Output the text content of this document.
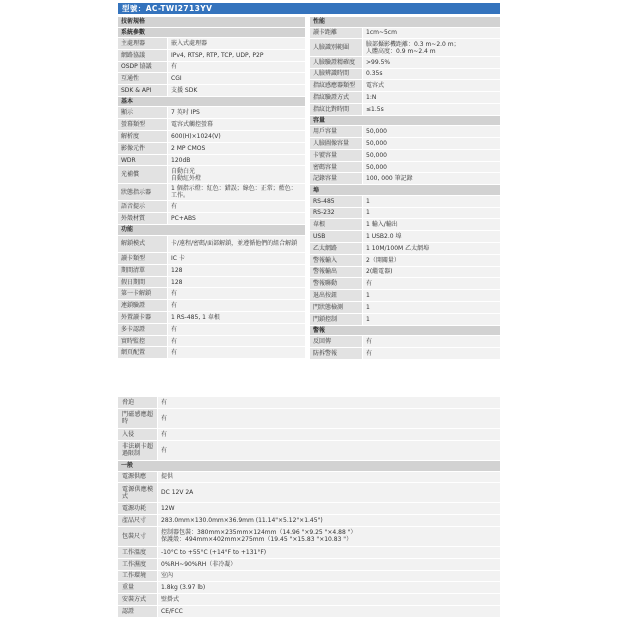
型號：AC-TWI2713YV
技術規格
系統參數
主處理器	嵌入式處理器
網路協議	IPv4, RTSP, RTP, TCP, UDP, P2P
OSDP 協議	有
互通性	CGI
SDK & API	支援 SDK
基本
顯示	7 英吋 IPS
螢幕類型	電容式觸控螢幕
解析度	600(H)×1024(V)
影像元件	2 MP CMOS
WDR	120dB
光補償	自動白光
自動紅外燈
狀態指示器	1 個指示燈：紅色：錯誤；綠色：正常；藍色：工作。
語音提示	有
外殼材質	PC+ABS
功能
解鎖模式	卡/遠程/密碼/面部解鎖，並遵循他們的組合解鎖
讀卡類型	IC 卡
期間清單	128
假日期間	128
第一卡解鎖	有
連鎖驗證	有
外置讀卡器	1 RS-485, 1 韋根
多卡認證	有
實時監控	有
網頁配置	有
性能
讀卡距離	1cm~5cm
人臉識別範圍	臉部攝影機距離：0.3 m~2.0 m；
人體高度：0.9 m~2.4 m
人臉驗證精確度	>99.5%
人臉辨識時間	0.35s
指紋感應器類型	電容式
指紋驗證方式	1:N
指紋比對時間	≤1.5s
容量
用戶容量	50,000
人臉圖像容量	50,000
卡號容量	50,000
密碼容量	50,000
記錄容量	100, 000 筆記錄
埠
RS-485	1
RS-232	1
韋根	1 輸入/輸出
USB	1 USB2.0 埠
乙太網路	1 10M/100M 乙太網埠
警報輸入	2（開關量）
警報輸出	2(繼電器)
警報聯動	有
退出按鈕	1
門狀態檢測	1
門鎖控制	1
警報
反回傳	有
防拆警報	有
脅迫	有
門磁感應超時	有
入侵	有
非法刷卡超過限制	有
一般
電源供應	提供
電源供應模式	DC 12V 2A
電源功耗	12W
產品尺寸	283.0mm×130.0mm×36.9mm (11.14"×5.12"×1.45")
包裝尺寸	控制器包裝：380mm×235mm×124mm（14.96 "×9.25 "×4.88 "）
保護殼：494mm×402mm×275mm（19.45 "×15.83 "×10.83 "）
工作溫度	-10°C to +55°C (+14°F to +131°F)
工作濕度	0%RH~90%RH（非冷凝）
工作環境	室內
重量	1.8kg (3.97 lb)
安裝方式	壁掛式
認證	CE/FCC
